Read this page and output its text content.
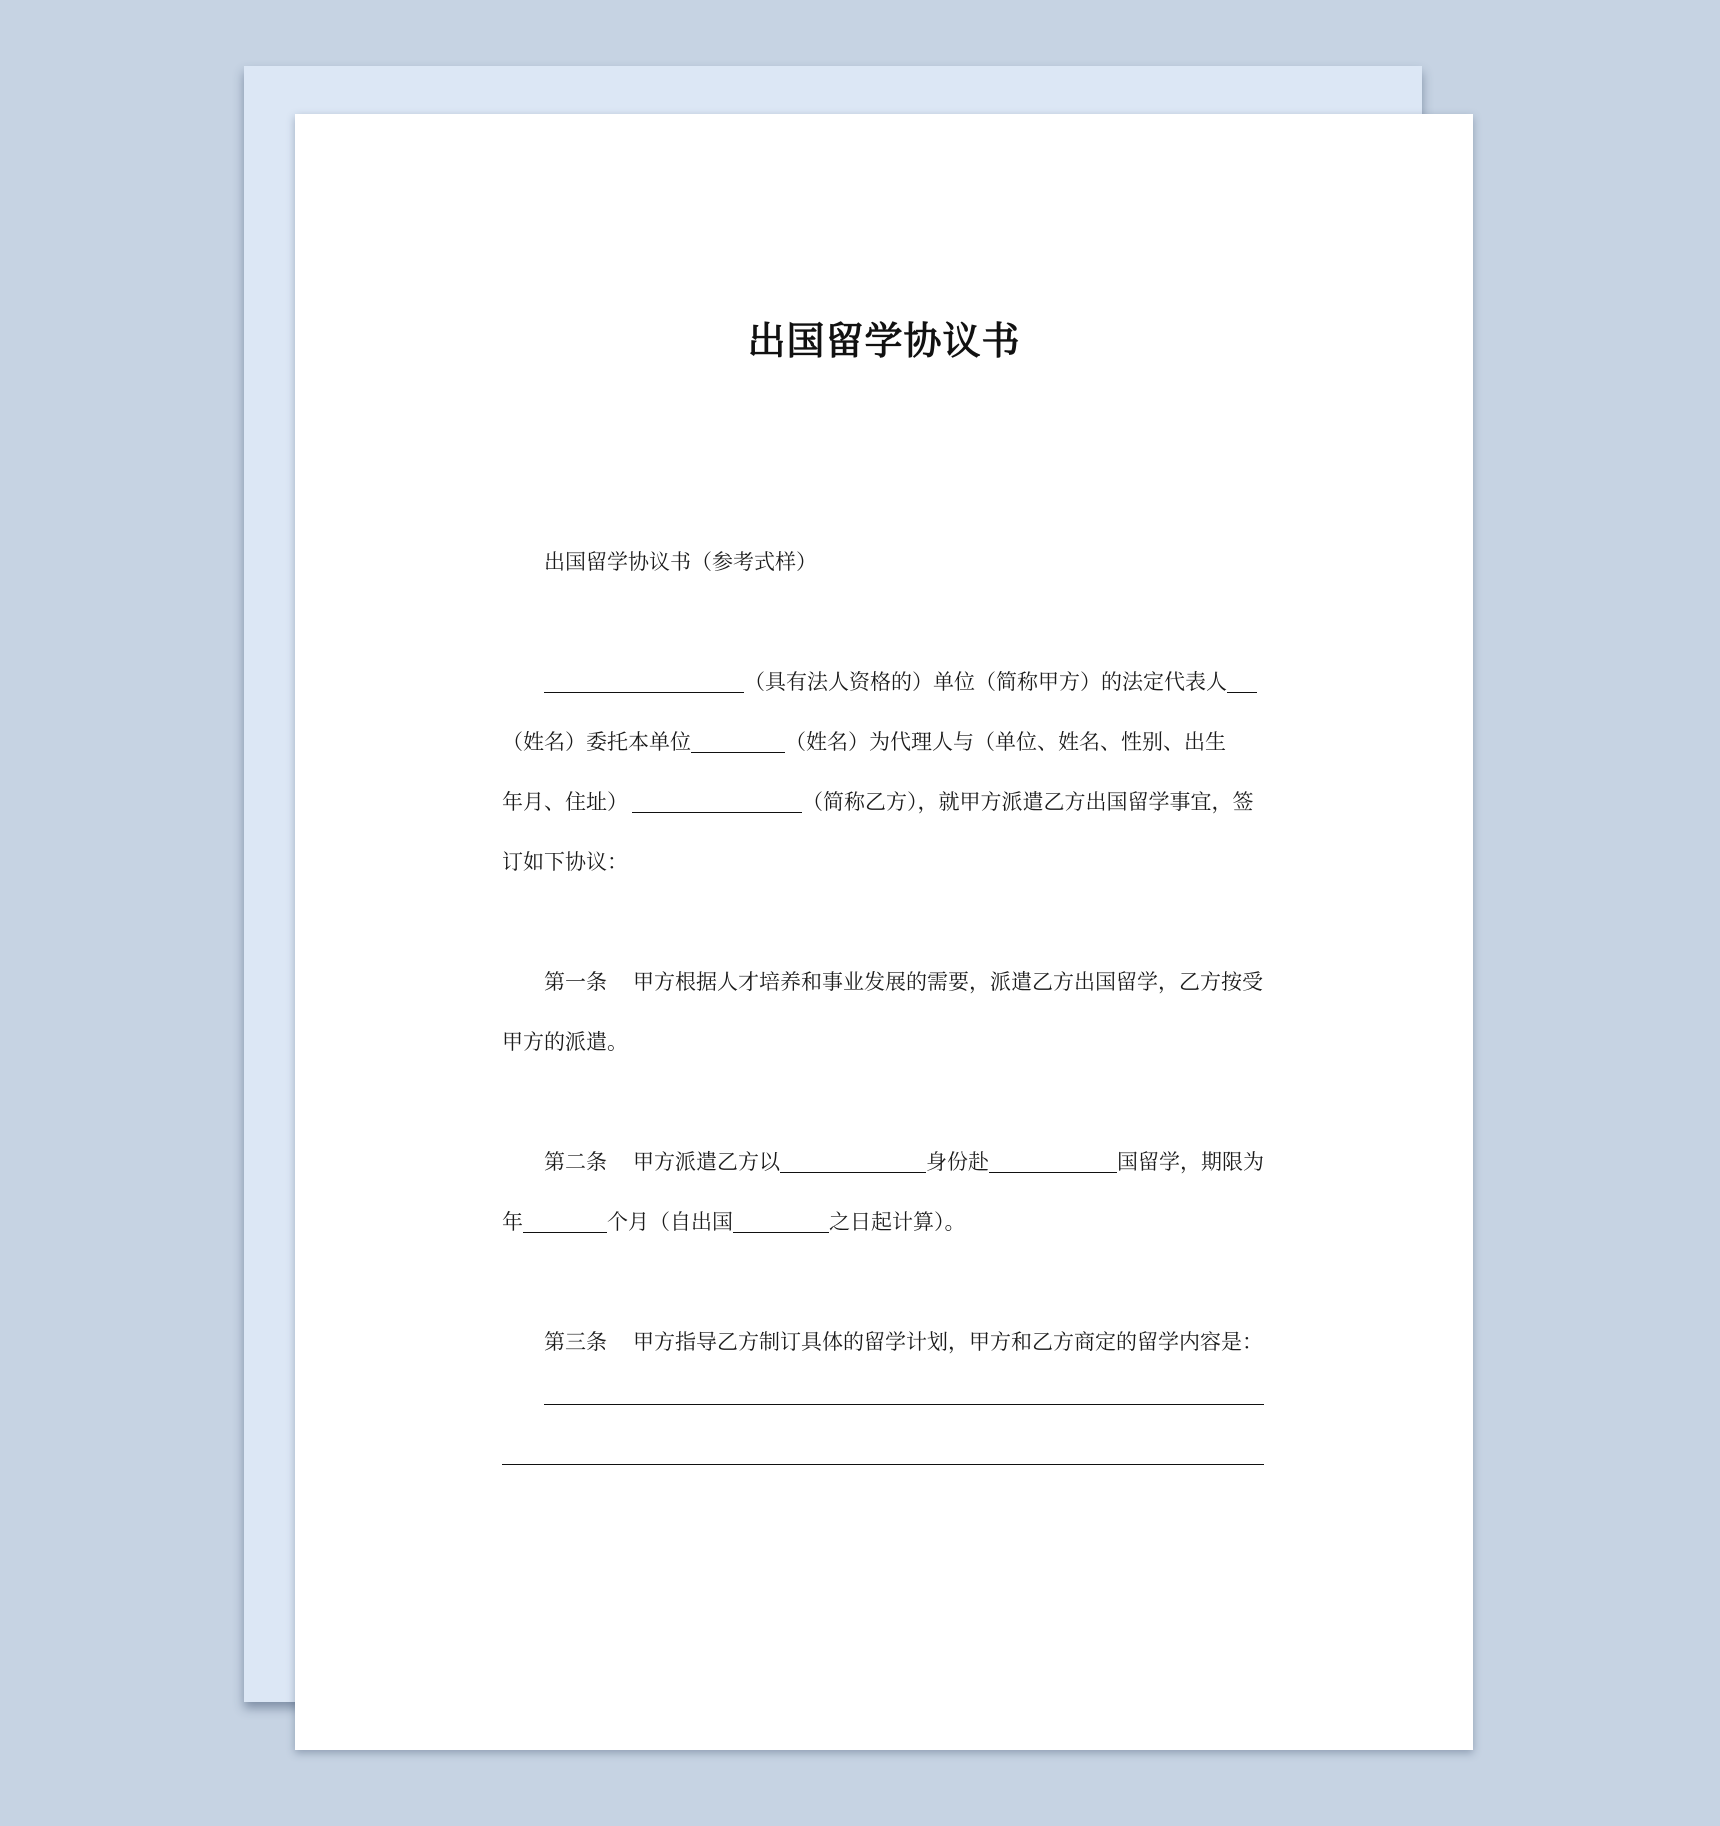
出国留学协议书
出国留学协议书（参考式样）
（具有法人资格的）单位（简称甲方）的法定代表人
（姓名）委托本单位	（姓名）为代理人与（单位、姓名、性别、出生
年月、住址）	（简称乙方），就甲方派遣乙方出国留学事宜，签
订如下协议：
第一条 甲方根据人才培养和事业发展的需要，派遣乙方出国留学，乙方按受
甲方的派遣。
第二条 甲方派遣乙方以	身份赴	国留学，期限为
年	个月（自出国	之日起计算）。
第三条 甲方指导乙方制订具体的留学计划，甲方和乙方商定的留学内容是：
